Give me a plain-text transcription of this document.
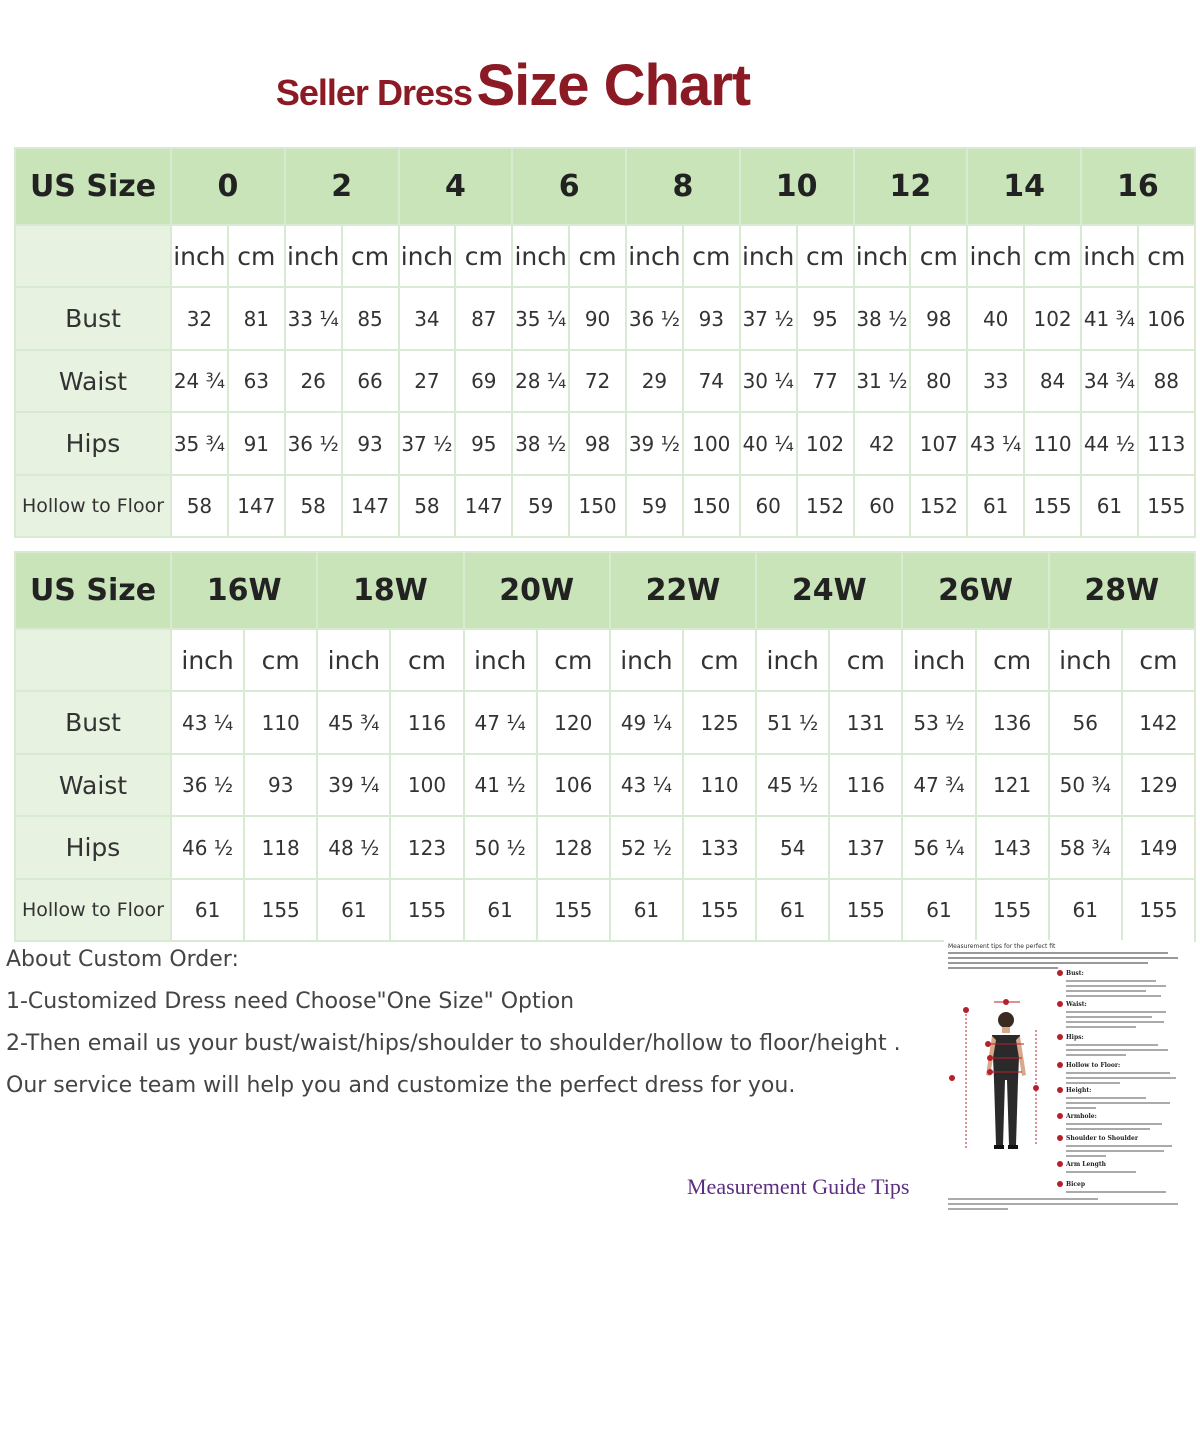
Seller Dress Size Chart
US Size	0		2		4		6		8		10		12		14		16	
	inch	cm	inch	cm	inch	cm	inch	cm	inch	cm	inch	cm	inch	cm	inch	cm	inch	cm
Bust	32	81	33 ¼	85	34	87	35 ¼	90	36 ½	93	37 ½	95	38 ½	98	40	102	41 ¾	106
Waist	24 ¾	63	26	66	27	69	28 ¼	72	29	74	30 ¼	77	31 ½	80	33	84	34 ¾	88
Hips	35 ¾	91	36 ½	93	37 ½	95	38 ½	98	39 ½	100	40 ¼	102	42	107	43 ¼	110	44 ½	113
Hollow to Floor	58	147	58	147	58	147	59	150	59	150	60	152	60	152	61	155	61	155
US Size	16W		18W		20W		22W		24W		26W		28W	
	inch	cm	inch	cm	inch	cm	inch	cm	inch	cm	inch	cm	inch	cm
Bust	43 ¼	110	45 ¾	116	47 ¼	120	49 ¼	125	51 ½	131	53 ½	136	56	142
Waist	36 ½	93	39 ¼	100	41 ½	106	43 ¼	110	45 ½	116	47 ¾	121	50 ¾	129
Hips	46 ½	118	48 ½	123	50 ½	128	52 ½	133	54	137	56 ¼	143	58 ¾	149
Hollow to Floor	61	155	61	155	61	155	61	155	61	155	61	155	61	155
About Custom Order:
1-Customized Dress need Choose"One Size" Option
2-Then email us your bust/waist/hips/shoulder to shoulder/hollow to floor/height .
Our service team will help you and customize the perfect dress for you.
Measurement Guide Tips
Measurement tips for the perfect fit
Bust:
Waist:
Hips:
Hollow to Floor:
Height:
Armhole:
Shoulder to Shoulder
Arm Length
Bicep
